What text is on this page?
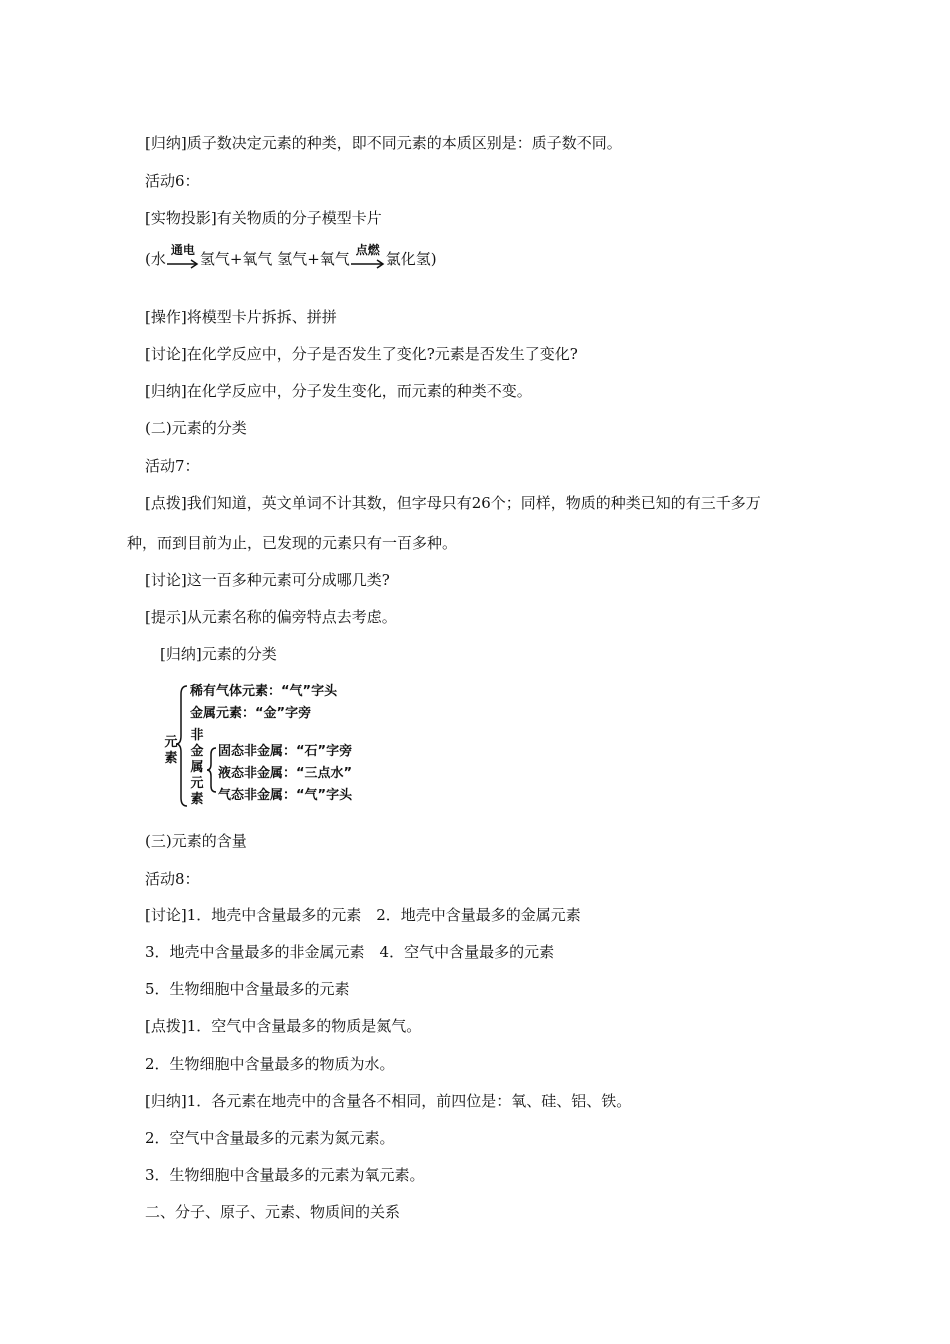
[归纳]质子数决定元素的种类，即不同元素的本质区别是：质子数不同。
活动6：
[实物投影]有关物质的分子模型卡片
(水 通电 氢气+氧气 氢气+氧气 点燃 氯化氢)
[操作]将模型卡片拆拆、拼拼
[讨论]在化学反应中，分子是否发生了变化?元素是否发生了变化?
[归纳]在化学反应中，分子发生变化，而元素的种类不变。
(二)元素的分类
活动7：
[点拨]我们知道，英文单词不计其数，但字母只有26个；同样，物质的种类已知的有三千多万
种，而到目前为止，已发现的元素只有一百多种。
[讨论]这一百多种元素可分成哪几类?
[提示]从元素名称的偏旁特点去考虑。
[归纳]元素的分类
元
素
稀有气体元素：“气”字头
金属元素：“金”字旁
非
金
属
元
素
固态非金属：“石”字旁
液态非金属：“三点水”
气态非金属：“气”字头
(三)元素的含量
活动8：
[讨论]1．地壳中含量最多的元素　2．地壳中含量最多的金属元素
3．地壳中含量最多的非金属元素　4．空气中含量最多的元素
5．生物细胞中含量最多的元素
[点拨]1．空气中含量最多的物质是氮气。
2．生物细胞中含量最多的物质为水。
[归纳]1．各元素在地壳中的含量各不相同，前四位是：氧、硅、铝、铁。
2．空气中含量最多的元素为氮元素。
3．生物细胞中含量最多的元素为氧元素。
二、分子、原子、元素、物质间的关系
